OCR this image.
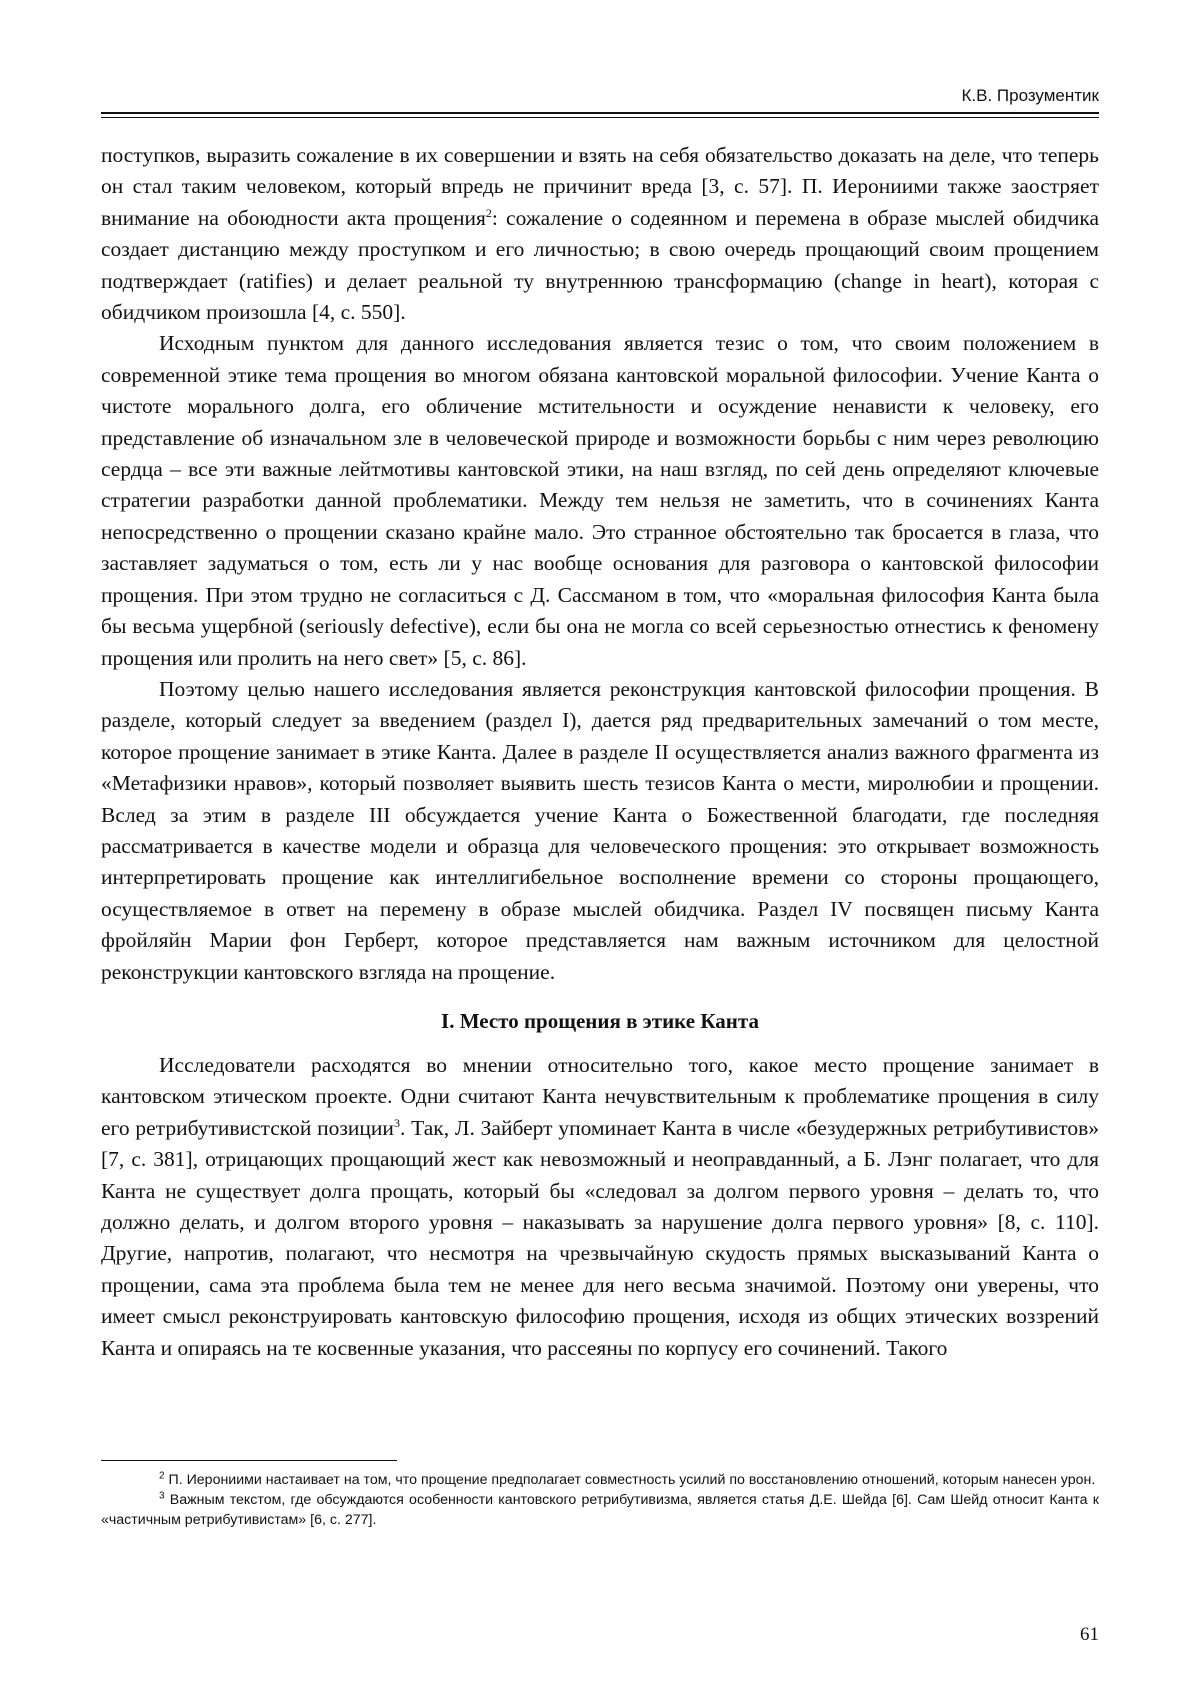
К.В. Прозументик

поступков, выразить сожаление в их совершении и взять на себя обязательство доказать на деле, что теперь он стал таким человеком, который впредь не причинит вреда [3, с. 57]. П. Иерониими также заостряет внимание на обоюдности акта прощения$^2$: сожаление о содеянном и перемена в образе мыслей обидчика создает дистанцию между проступком и его личностью; в свою очередь прощающий своим прощением подтверждает (ratifies) и делает реальной ту внутреннюю трансформацию (change in heart), которая с обидчиком произошла [4, с. 550].

Исходным пунктом для данного исследования является тезис о том, что своим положением в современной этике тема прощения во многом обязана кантовской моральной философии. Учение Канта о чистоте морального долга, его обличение мстительности и осуждение ненависти к человеку, его представление об изначальном зле в человеческой природе и возможности борьбы с ним через революцию сердца – все эти важные лейтмотивы кантовской этики, на наш взгляд, по сей день определяют ключевые стратегии разработки данной проблематики. Между тем нельзя не заметить, что в сочинениях Канта непосредственно о прощении сказано крайне мало. Это странное обстоятельно так бросается в глаза, что заставляет задуматься о том, есть ли у нас вообще основания для разговора о кантовской философии прощения. При этом трудно не согласиться с Д. Сассманом в том, что «моральная философия Канта была бы весьма ущербной (seriously defective), если бы она не могла со всей серьезностью отнестись к феномену прощения или пролить на него свет» [5, с. 86].

Поэтому целью нашего исследования является реконструкция кантовской философии прощения. В разделе, который следует за введением (раздел I), дается ряд предварительных замечаний о том месте, которое прощение занимает в этике Канта. Далее в разделе II осуществляется анализ важного фрагмента из «Метафизики нравов», который позволяет выявить шесть тезисов Канта о мести, миролюбии и прощении. Вслед за этим в разделе III обсуждается учение Канта о Божественной благодати, где последняя рассматривается в качестве модели и образца для человеческого прощения: это открывает возможность интерпретировать прощение как интеллигибельное восполнение времени со стороны прощающего, осуществляемое в ответ на перемену в образе мыслей обидчика. Раздел IV посвящен письму Канта фройляйн Марии фон Герберт, которое представляется нам важным источником для целостной реконструкции кантовского взгляда на прощение.

I. Место прощения в этике Канта

Исследователи расходятся во мнении относительно того, какое место прощение занимает в кантовском этическом проекте. Одни считают Канта нечувствительным к проблематике прощения в силу его ретрибутивистской позиции$^3$. Так, Л. Зайберт упоминает Канта в числе «безудержных ретрибутивистов» [7, с. 381], отрицающих прощающий жест как невозможный и неоправданный, а Б. Лэнг полагает, что для Канта не существует долга прощать, который бы «следовал за долгом первого уровня – делать то, что должно делать, и долгом второго уровня – наказывать за нарушение долга первого уровня» [8, с. 110]. Другие, напротив, полагают, что несмотря на чрезвычайную скудость прямых высказываний Канта о прощении, сама эта проблема была тем не менее для него весьма значимой. Поэтому они уверены, что имеет смысл реконструировать кантовскую философию прощения, исходя из общих этических воззрений Канта и опираясь на те косвенные указания, что рассеяны по корпусу его сочинений. Такого

$^2$ П. Иерониими настаивает на том, что прощение предполагает совместность усилий по восстановлению отношений, которым нанесен урон.

$^3$ Важным текстом, где обсуждаются особенности кантовского ретрибутивизма, является статья Д.Е. Шейда [6]. Сам Шейд относит Канта к «частичным ретрибутивистам» [6, с. 277].

61
